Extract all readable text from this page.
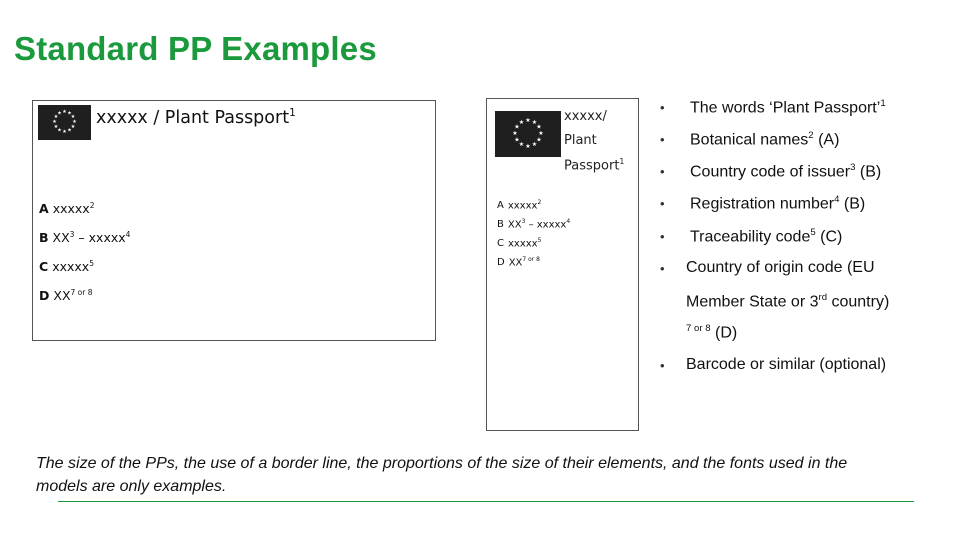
Standard PP Examples
★ ★
★
★
★
★
★
★
★
★
★
★ xxxxx / Plant Passport$^1$
A xxxxx$^2$
B $XX^3$ – xxxxx$^4$
C xxxxx$^5$
D $XX^{7 or 8}$
★ ★
★
★
★
★
★
★
★
★
★
★	xxxxx/
Plant
Passport$^1$
A xxxxx$^2$
B $XX^3$ – xxxxx$^4$
C xxxxx$^5$
D $XX^{7 or 8}$
• The words ‘Plant Passport’$^1$
• Botanical names$^2$ (A)
• Country code of issuer$^3$ (B)
• Registration number$^4$ (B)
• Traceability code$^5$ (C)
• Country of origin code (EU
Member State or 3rd country)
$^{7 or 8}$ (D)
• Barcode or similar (optional)
The size of the PPs, the use of a border line, the proportions of the size of their elements, and the fonts used in the models are only examples.
